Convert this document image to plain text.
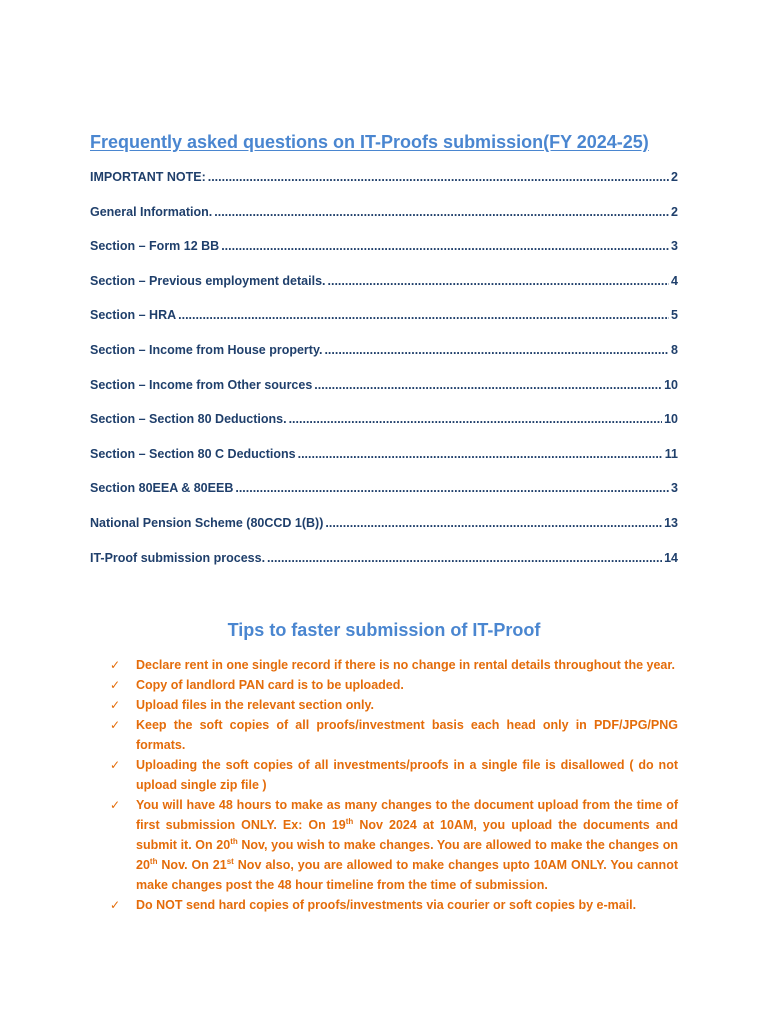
Frequently asked questions on IT-Proofs submission(FY 2024-25)
IMPORTANT NOTE: .....	2
General Information. .....	2
Section – Form 12 BB .....	3
Section – Previous employment details. .....	4
Section – HRA .....	5
Section – Income from House property. .....	8
Section – Income from Other sources .....	10
Section – Section 80 Deductions. .....	10
Section – Section 80 C Deductions .....	11
Section 80EEA & 80EEB .....	3
National Pension Scheme (80CCD 1(B)) .....	13
IT-Proof submission process. .....	14
Tips to faster submission of IT-Proof
✓ Declare rent in one single record if there is no change in rental details throughout the year.
✓ Copy of landlord PAN card is to be uploaded.
✓ Upload files in the relevant section only.
✓ Keep the soft copies of all proofs/investment basis each head only in PDF/JPG/PNG formats.
✓ Uploading the soft copies of all investments/proofs in a single file is disallowed ( do not upload single zip file )
✓ You will have 48 hours to make as many changes to the document upload from the time of first submission ONLY. Ex: On 19th Nov 2024 at 10AM, you upload the documents and submit it. On 20th Nov, you wish to make changes. You are allowed to make the changes on 20th Nov. On 21st Nov also, you are allowed to make changes upto 10AM ONLY. You cannot make changes post the 48 hour timeline from the time of submission.
✓ Do NOT send hard copies of proofs/investments via courier or soft copies by e-mail.
